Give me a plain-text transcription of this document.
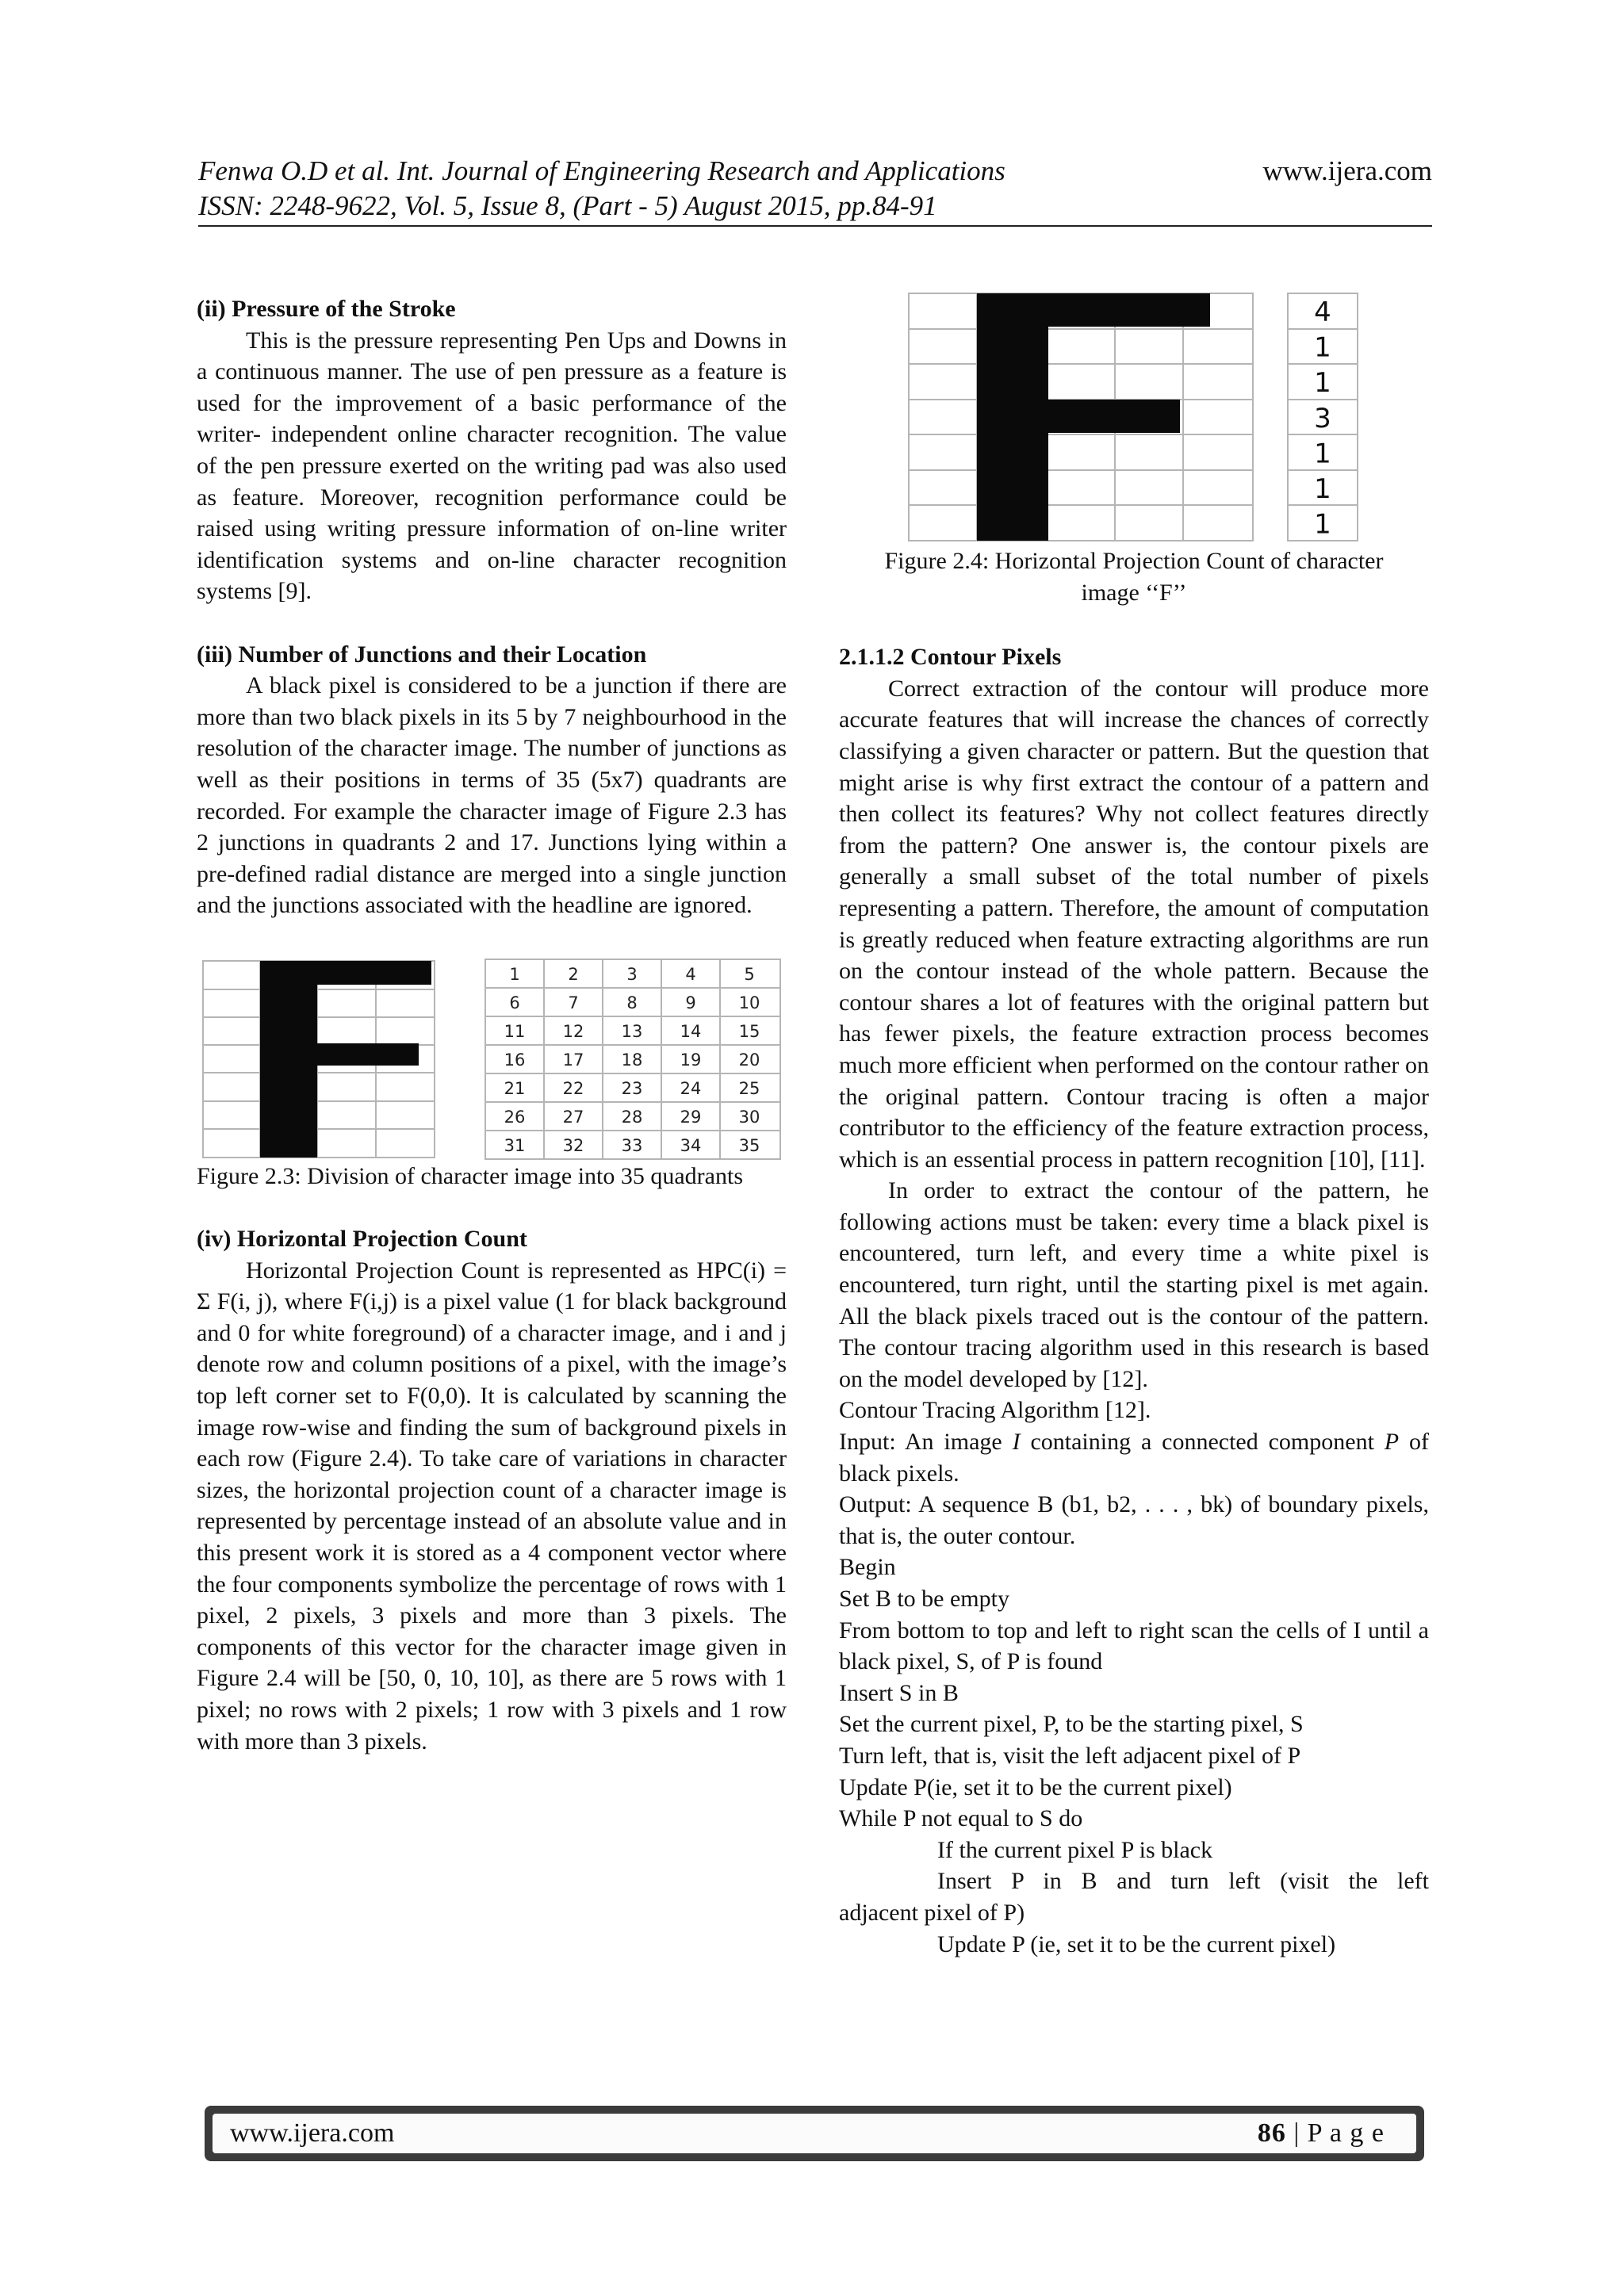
Fenwa O.D et al. Int. Journal of Engineering Research and Applications	www.ijera.com
ISSN: 2248-9622, Vol. 5, Issue 8, (Part - 5) August 2015, pp.84-91

(ii) Pressure of the Stroke

This is the pressure representing Pen Ups and Downs in a continuous manner. The use of pen pressure as a feature is used for the improvement of a basic performance of the writer- independent online character recognition. The value of the pen pressure exerted on the writing pad was also used as feature. Moreover, recognition performance could be raised using writing pressure information of on-line writer identification systems and on-line character recognition systems [9].

(iii) Number of Junctions and their Location

A black pixel is considered to be a junction if there are more than two black pixels in its 5 by 7 neighbourhood in the resolution of the character image. The number of junctions as well as their positions in terms of 35 (5x7) quadrants are recorded. For example the character image of Figure 2.3 has 2 junctions in quadrants 2 and 17. Junctions lying within a pre-defined radial distance are merged into a single junction and the junctions associated with the headline are ignored.

1	2	3	4	5
6	7	8	9	10
11 12 13 14 15
16 17 18 19 20
21 22 23 24 25
26 27 28 29 30
31 32 33 34 35

Figure 2.3: Division of character image into 35 quadrants

(iv) Horizontal Projection Count

Horizontal Projection Count is represented as HPC(i) = Σ F(i, j), where F(i,j) is a pixel value (1 for black background and 0 for white foreground) of a character image, and i and j denote row and column positions of a pixel, with the image’s top left corner set to F(0,0). It is calculated by scanning the image row-wise and finding the sum of background pixels in each row (Figure 2.4). To take care of variations in character sizes, the horizontal projection count of a character image is represented by percentage instead of an absolute value and in this present work it is stored as a 4 component vector where the four components symbolize the percentage of rows with 1 pixel, 2 pixels, 3 pixels and more than 3 pixels. The components of this vector for the character image given in Figure 2.4 will be [50, 0, 10, 10], as there are 5 rows with 1 pixel; no rows with 2 pixels; 1 row with 3 pixels and 1 row with more than 3 pixels.

4
1
1
3
1
1
1

Figure 2.4: Horizontal Projection Count of character

image ‘‘F’’

2.1.1.2 Contour Pixels

Correct extraction of the contour will produce more accurate features that will increase the chances of correctly classifying a given character or pattern. But the question that might arise is why first extract the contour of a pattern and then collect its features? Why not collect features directly from the pattern? One answer is, the contour pixels are generally a small subset of the total number of pixels representing a pattern. Therefore, the amount of computation is greatly reduced when feature extracting algorithms are run on the contour instead of the whole pattern. Because the contour shares a lot of features with the original pattern but has fewer pixels, the feature extraction process becomes much more efficient when performed on the contour rather on the original pattern. Contour tracing is often a major contributor to the efficiency of the feature extraction process, which is an essential process in pattern recognition [10], [11].

In order to extract the contour of the pattern, he following actions must be taken: every time a black pixel is encountered, turn left, and every time a white pixel is encountered, turn right, until the starting pixel is met again. All the black pixels traced out is the contour of the pattern. The contour tracing algorithm used in this research is based on the model developed by [12].

Contour Tracing Algorithm [12].

Input: An image I containing a connected component P of black pixels.

Output: A sequence B (b1, b2, . . . , bk) of boundary pixels, that is, the outer contour.

Begin

Set B to be empty

From bottom to top and left to right scan the cells of I until a black pixel, S, of P is found

Insert S in B

Set the current pixel, P, to be the starting pixel, S

Turn left, that is, visit the left adjacent pixel of P

Update P(ie, set it to be the current pixel)

While P not equal to S do

If the current pixel P is black

Insert P in B and turn left (visit the left

adjacent pixel of P)

Update P (ie, set it to be the current pixel)

www.ijera.com	86 | P a g e
